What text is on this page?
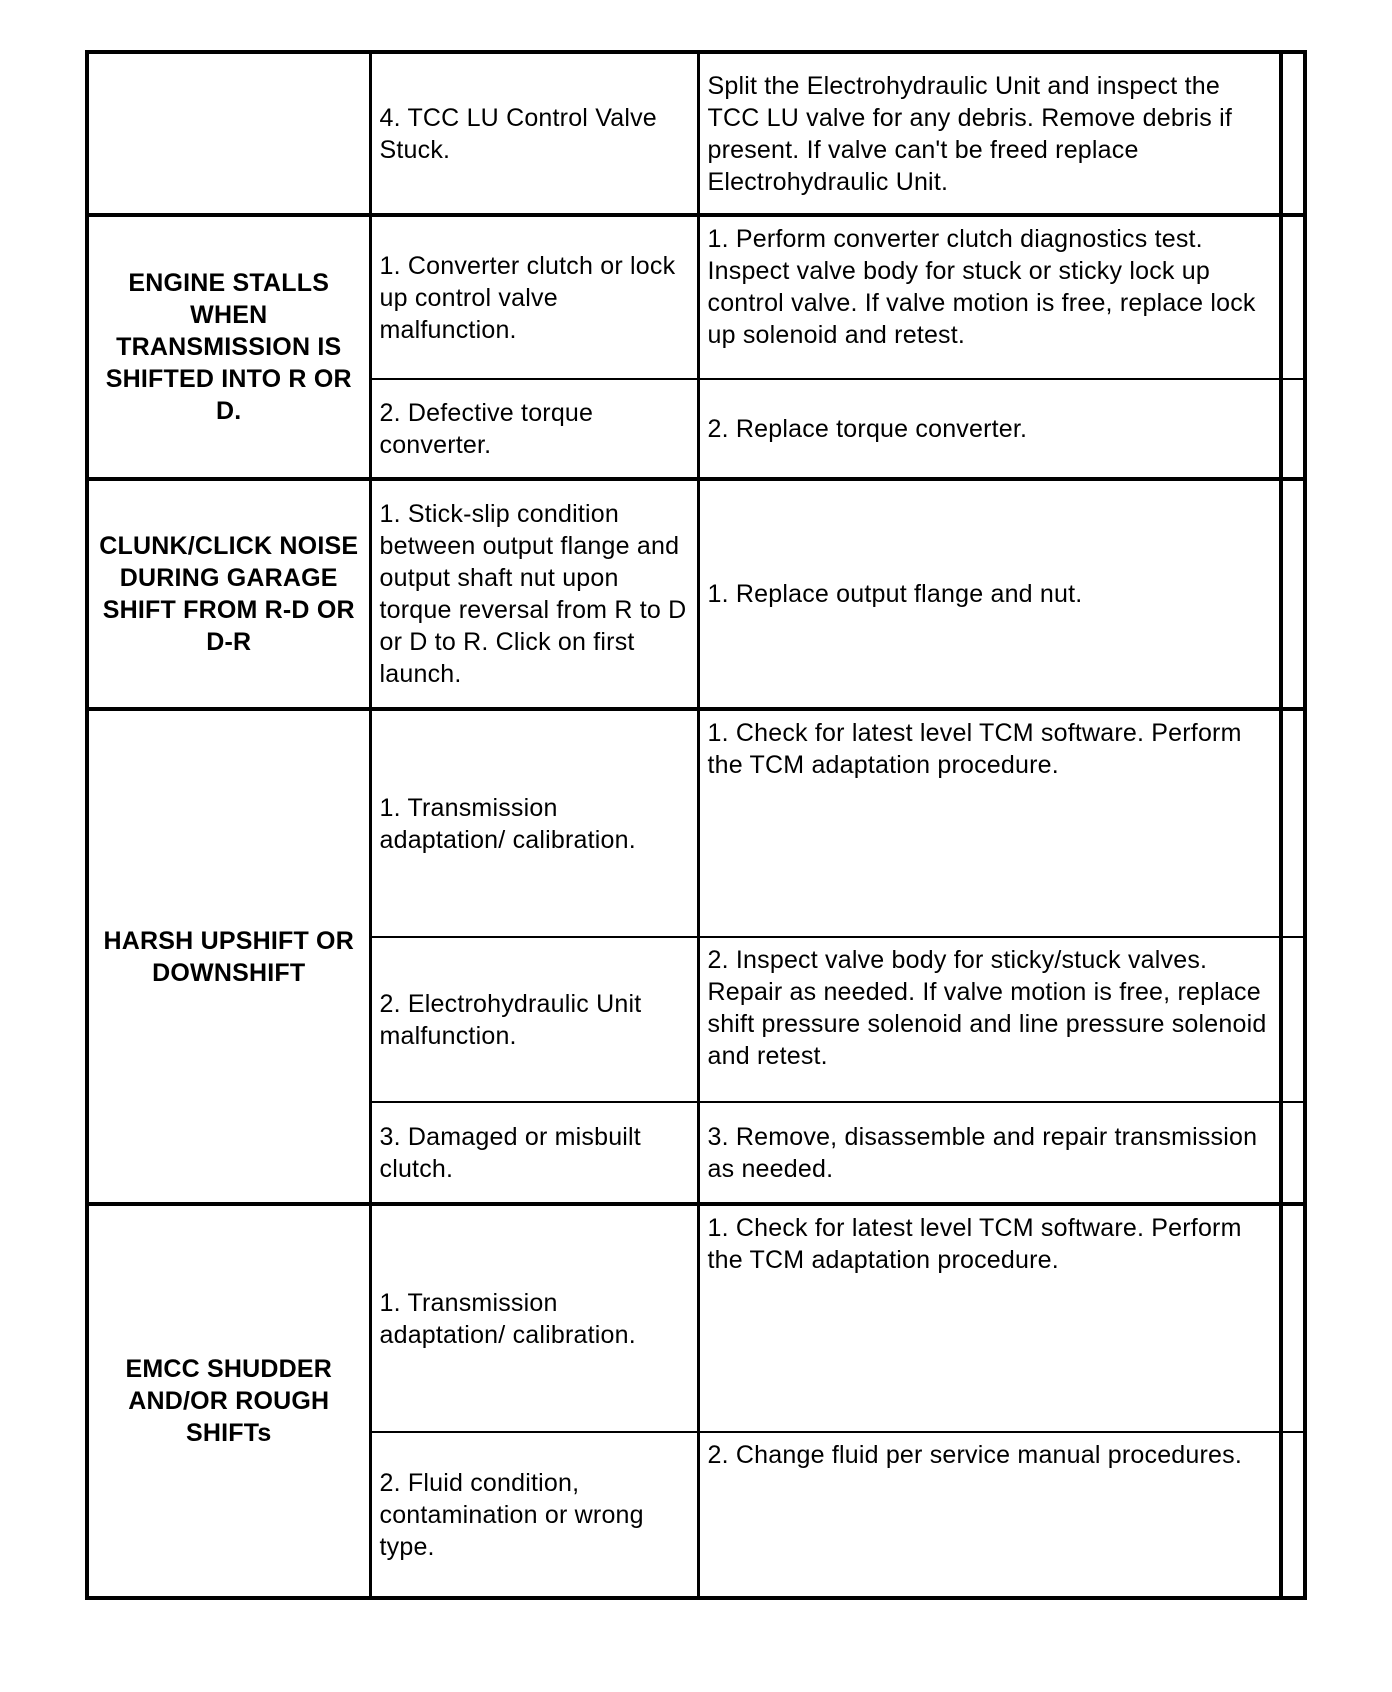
	4. TCC LU Control Valve Stuck.	Split the Electrohydraulic Unit and inspect the TCC LU valve for any debris. Remove debris if present. If valve can't be freed replace Electrohydraulic Unit.	
ENGINE STALLS WHEN TRANSMISSION IS SHIFTED INTO R OR D.	1. Converter clutch or lock up control valve malfunction.	1. Perform converter clutch diagnostics test. Inspect valve body for stuck or sticky lock up control valve. If valve motion is free, replace lock up solenoid and retest.	
	2. Defective torque converter.	2. Replace torque converter.	
CLUNK/CLICK NOISE DURING GARAGE SHIFT FROM R-D OR D-R	1. Stick-slip condition between output flange and output shaft nut upon torque reversal from R to D or D to R. Click on first launch.	1. Replace output flange and nut.	
HARSH UPSHIFT OR DOWNSHIFT	1. Transmission adaptation/ calibration.	1. Check for latest level TCM software. Perform the TCM adaptation procedure.	
	2. Electrohydraulic Unit malfunction.	2. Inspect valve body for sticky/stuck valves. Repair as needed. If valve motion is free, replace shift pressure solenoid and line pressure solenoid and retest.	
	3. Damaged or misbuilt clutch.	3. Remove, disassemble and repair transmission as needed.	
EMCC SHUDDER AND/OR ROUGH SHIFTs	1. Transmission adaptation/ calibration.	1. Check for latest level TCM software. Perform the TCM adaptation procedure.	
	2. Fluid condition, contamination or wrong type.	2. Change fluid per service manual procedures.	
